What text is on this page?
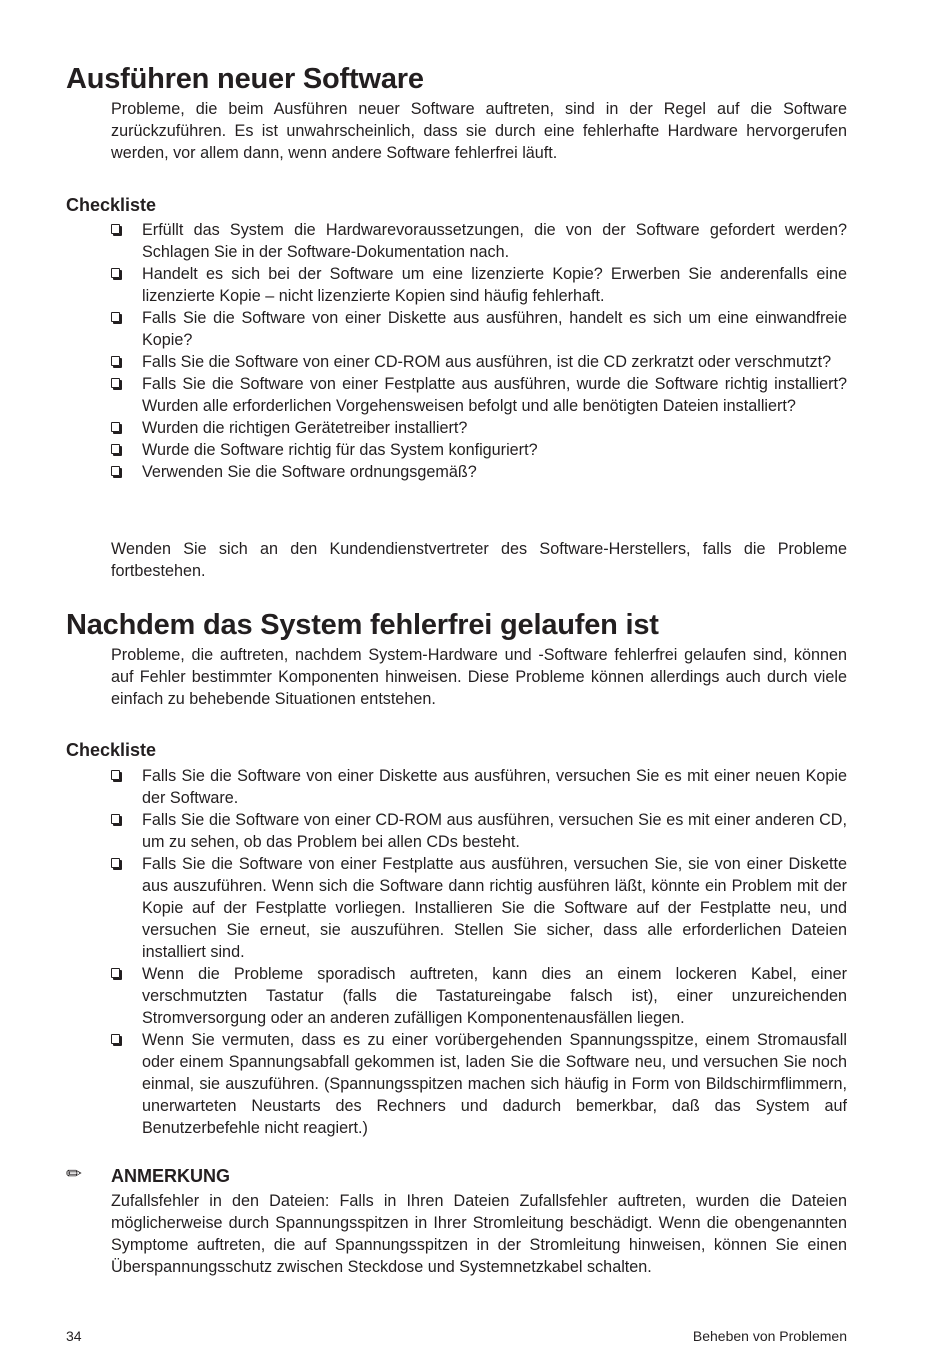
Ausführen neuer Software

Probleme, die beim Ausführen neuer Software auftreten, sind in der Regel auf die Software zurückzuführen. Es ist unwahrscheinlich, dass sie durch eine fehlerhafte Hardware hervorgerufen werden, vor allem dann, wenn andere Software fehlerfrei läuft.

Checkliste
Erfüllt das System die Hardwarevoraussetzungen, die von der Software gefordert werden? Schlagen Sie in der Software-Dokumentation nach.
Handelt es sich bei der Software um eine lizenzierte Kopie? Erwerben Sie anderenfalls eine lizenzierte Kopie – nicht lizenzierte Kopien sind häufig fehlerhaft.
Falls Sie die Software von einer Diskette aus ausführen, handelt es sich um eine einwandfreie Kopie?
Falls Sie die Software von einer CD-ROM aus ausführen, ist die CD zerkratzt oder verschmutzt?
Falls Sie die Software von einer Festplatte aus ausführen, wurde die Software richtig installiert? Wurden alle erforderlichen Vorgehensweisen befolgt und alle benötigten Dateien installiert?
Wurden die richtigen Gerätetreiber installiert?
Wurde die Software richtig für das System konfiguriert?
Verwenden Sie die Software ordnungsgemäß?

Wenden Sie sich an den Kundendienstvertreter des Software-Herstellers, falls die Probleme fortbestehen.

Nachdem das System fehlerfrei gelaufen ist

Probleme, die auftreten, nachdem System-Hardware und -Software fehlerfrei gelaufen sind, können auf Fehler bestimmter Komponenten hinweisen. Diese Probleme können allerdings auch durch viele einfach zu behebende Situationen entstehen.

Checkliste
Falls Sie die Software von einer Diskette aus ausführen, versuchen Sie es mit einer neuen Kopie der Software.
Falls Sie die Software von einer CD-ROM aus ausführen, versuchen Sie es mit einer anderen CD, um zu sehen, ob das Problem bei allen CDs besteht.
Falls Sie die Software von einer Festplatte aus ausführen, versuchen Sie, sie von einer Diskette aus auszuführen. Wenn sich die Software dann richtig ausführen läßt, könnte ein Problem mit der Kopie auf der Festplatte vorliegen. Installieren Sie die Software auf der Festplatte neu, und versuchen Sie erneut, sie auszuführen. Stellen Sie sicher, dass alle erforderlichen Dateien installiert sind.
Wenn die Probleme sporadisch auftreten, kann dies an einem lockeren Kabel, einer verschmutzten Tastatur (falls die Tastatureingabe falsch ist), einer unzureichenden Stromversorgung oder an anderen zufälligen Komponentenausfällen liegen.
Wenn Sie vermuten, dass es zu einer vorübergehenden Spannungsspitze, einem Stromausfall oder einem Spannungsabfall gekommen ist, laden Sie die Software neu, und versuchen Sie noch einmal, sie auszuführen. (Spannungsspitzen machen sich häufig in Form von Bildschirmflimmern, unerwarteten Neustarts des Rechners und dadurch bemerkbar, daß das System auf Benutzerbefehle nicht reagiert.)
✏ ANMERKUNG

Zufallsfehler in den Dateien: Falls in Ihren Dateien Zufallsfehler auftreten, wurden die Dateien möglicherweise durch Spannungsspitzen in Ihrer Stromleitung beschädigt. Wenn die obengenannten Symptome auftreten, die auf Spannungsspitzen in der Stromleitung hinweisen, können Sie einen Überspannungsschutz zwischen Steckdose und Systemnetzkabel schalten.

34	Beheben von Problemen
